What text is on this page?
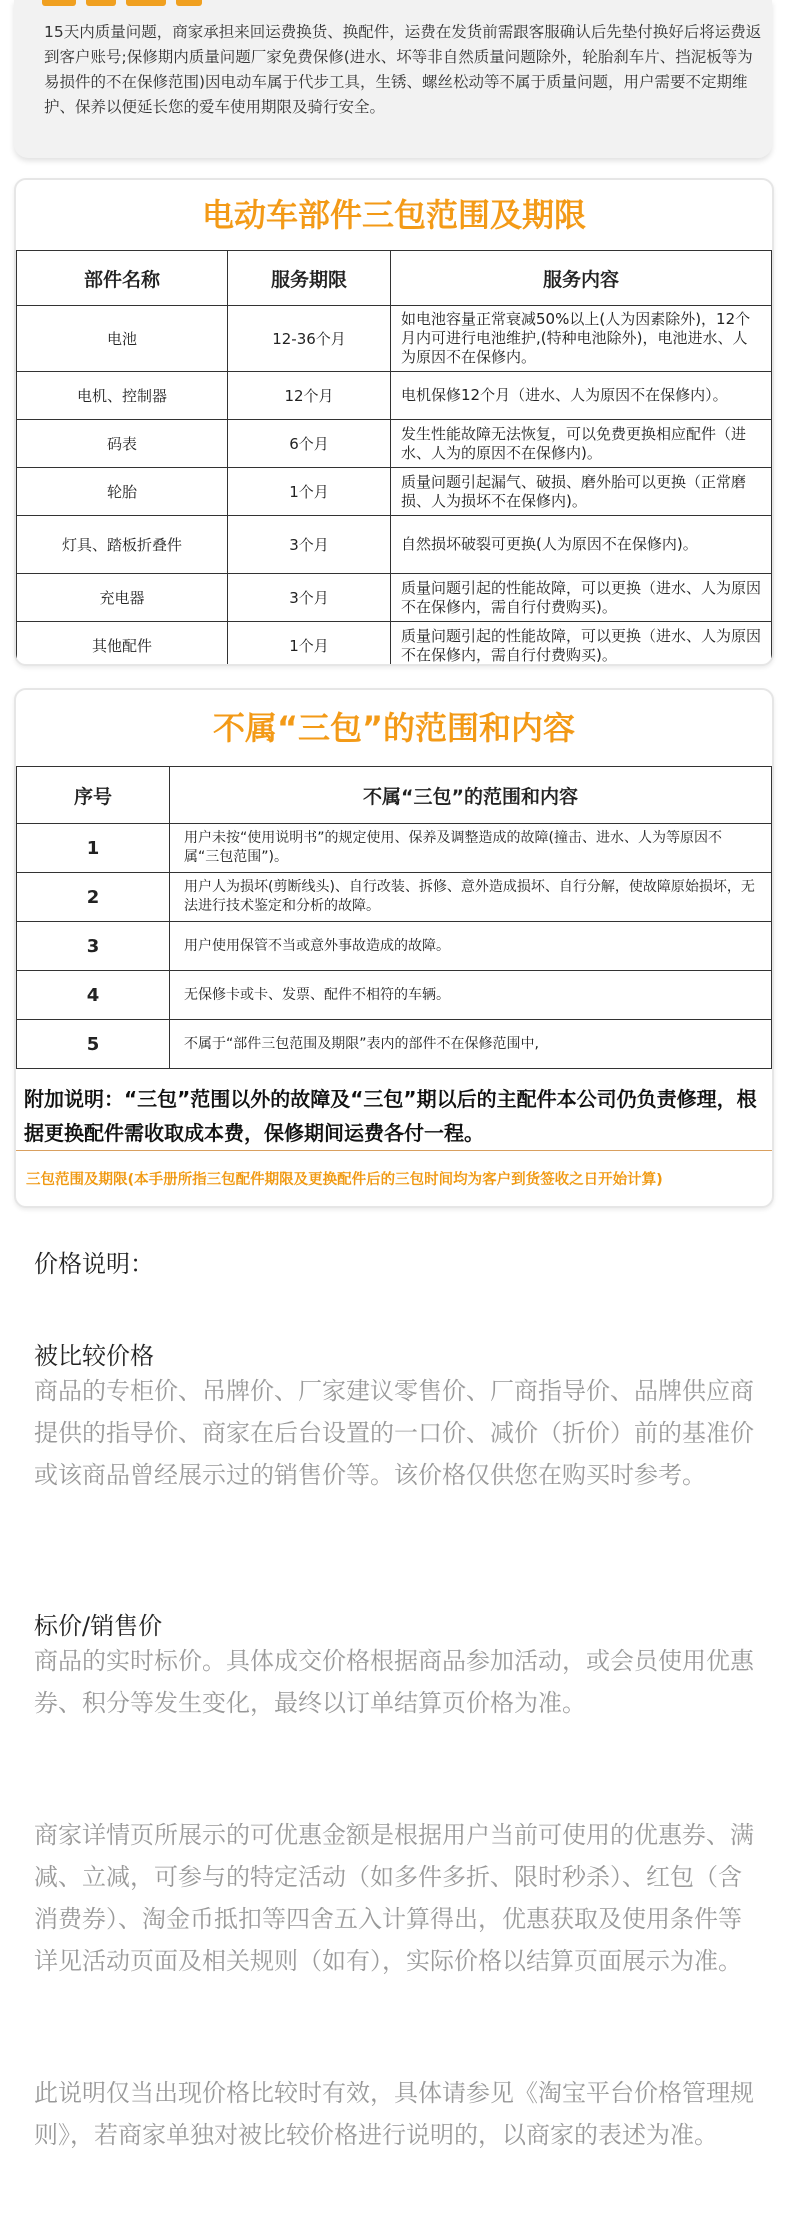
15天内质量问题，商家承担来回运费换货、换配件，运费在发货前需跟客服确认后先垫付换好后将运费返到客户账号;保修期内质量问题厂家免费保修(进水、坏等非自然质量问题除外，轮胎刹车片、挡泥板等为易损件的不在保修范围)因电动车属于代步工具，生锈、螺丝松动等不属于质量问题，用户需要不定期维护、保养以便延长您的爱车使用期限及骑行安全。

电动车部件三包范围及期限
部件名称	服务期限	服务内容
电池	12-36个月	如电池容量正常衰减50%以上(人为因素除外)，12个月内可进行电池维护,(特种电池除外)，电池进水、人为原因不在保修内。
电机、控制器	12个月	电机保修12个月（进水、人为原因不在保修内）。
码表	6个月	发生性能故障无法恢复，可以免费更换相应配件（进水、人为的原因不在保修内)。
轮胎	1个月	质量问题引起漏气、破损、磨外胎可以更换（正常磨损、人为损坏不在保修内)。
灯具、踏板折叠件	3个月	自然损坏破裂可更换(人为原因不在保修内)。
充电器	3个月	质量问题引起的性能故障，可以更换（进水、人为原因不在保修内，需自行付费购买)。
其他配件	1个月	质量问题引起的性能故障，可以更换（进水、人为原因不在保修内，需自行付费购买)。
不属“三包”的范围和内容
序号	不属“三包”的范围和内容
1	用户未按“使用说明书”的规定使用、保养及调整造成的故障(撞击、进水、人为等原因不属“三包范围”)。
2	用户人为损坏(剪断线头)、自行改装、拆修、意外造成损坏、自行分解，使故障原始损坏，无法进行技术鉴定和分析的故障。
3	用户使用保管不当或意外事故造成的故障。
4	无保修卡或卡、发票、配件不相符的车辆。
5	不属于“部件三包范围及期限”表内的部件不在保修范围中,
附加说明：“三包”范围以外的故障及“三包”期以后的主配件本公司仍负责修理，根据更换配件需收取成本费，保修期间运费各付一程。
三包范围及期限(本手册所指三包配件期限及更换配件后的三包时间均为客户到货签收之日开始计算)
价格说明：
被比较价格

商品的专柜价、吊牌价、厂家建议零售价、厂商指导价、品牌供应商提供的指导价、商家在后台设置的一口价、减价（折价）前的基准价或该商品曾经展示过的销售价等。该价格仅供您在购买时参考。

标价/销售价

商品的实时标价。具体成交价格根据商品参加活动，或会员使用优惠券、积分等发生变化，最终以订单结算页价格为准。

商家详情页所展示的可优惠金额是根据用户当前可使用的优惠券、满减、立减，可参与的特定活动（如多件多折、限时秒杀）、红包（含消费券）、淘金币抵扣等四舍五入计算得出，优惠获取及使用条件等详见活动页面及相关规则（如有），实际价格以结算页面展示为准。

此说明仅当出现价格比较时有效，具体请参见《淘宝平台价格管理规则》，若商家单独对被比较价格进行说明的，以商家的表述为准。
